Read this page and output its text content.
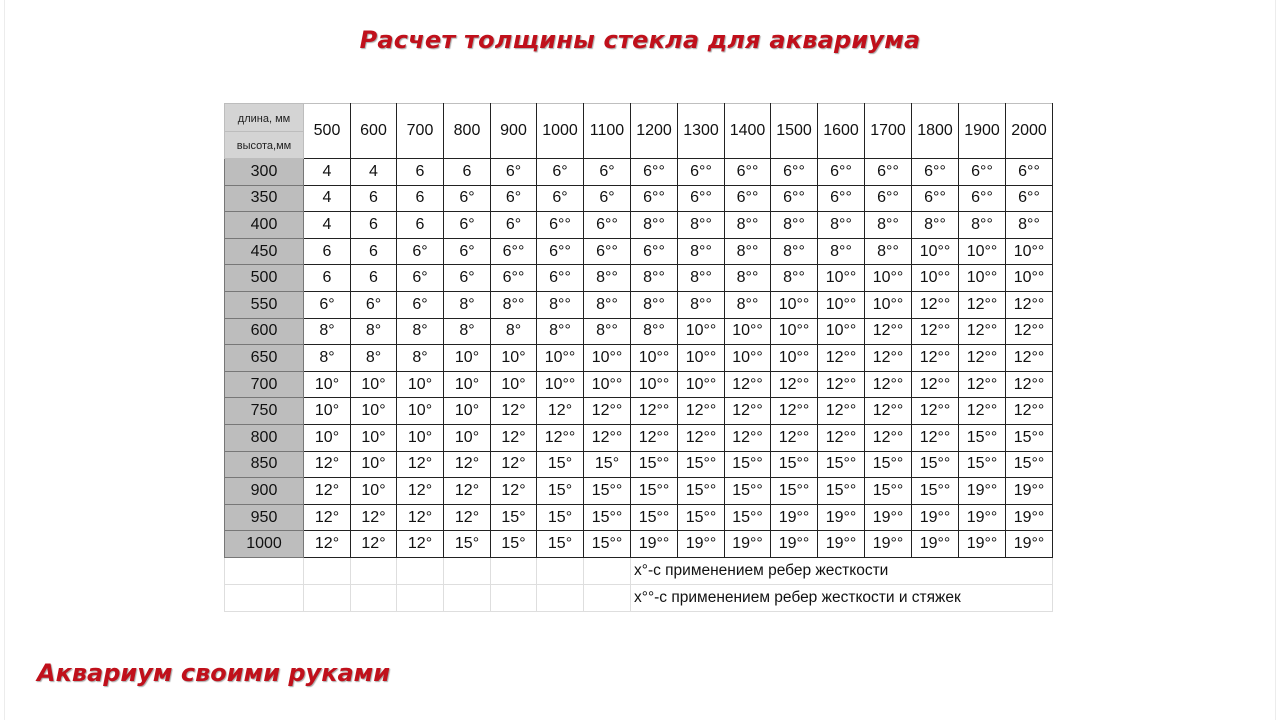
Расчет толщины стекла для аквариума
длина, мм
высота,мм	500	600	700	800	900	1000	1100	1200	1300	1400	1500	1600	1700	1800	1900	2000
300	4	4	6	6	6°	6°	6°	6°°	6°°	6°°	6°°	6°°	6°°	6°°	6°°	6°°
350	4	6	6	6°	6°	6°	6°	6°°	6°°	6°°	6°°	6°°	6°°	6°°	6°°	6°°
400	4	6	6	6°	6°	6°°	6°°	8°°	8°°	8°°	8°°	8°°	8°°	8°°	8°°	8°°
450	6	6	6°	6°	6°°	6°°	6°°	6°°	8°°	8°°	8°°	8°°	8°°	10°°	10°°	10°°
500	6	6	6°	6°	6°°	6°°	8°°	8°°	8°°	8°°	8°°	10°°	10°°	10°°	10°°	10°°
550	6°	6°	6°	8°	8°°	8°°	8°°	8°°	8°°	8°°	10°°	10°°	10°°	12°°	12°°	12°°
600	8°	8°	8°	8°	8°	8°°	8°°	8°°	10°°	10°°	10°°	10°°	12°°	12°°	12°°	12°°
650	8°	8°	8°	10°	10°	10°°	10°°	10°°	10°°	10°°	10°°	12°°	12°°	12°°	12°°	12°°
700	10°	10°	10°	10°	10°	10°°	10°°	10°°	10°°	12°°	12°°	12°°	12°°	12°°	12°°	12°°
750	10°	10°	10°	10°	12°	12°	12°°	12°°	12°°	12°°	12°°	12°°	12°°	12°°	12°°	12°°
800	10°	10°	10°	10°	12°	12°°	12°°	12°°	12°°	12°°	12°°	12°°	12°°	12°°	15°°	15°°
850	12°	10°	12°	12°	12°	15°	15°	15°°	15°°	15°°	15°°	15°°	15°°	15°°	15°°	15°°
900	12°	10°	12°	12°	12°	15°	15°°	15°°	15°°	15°°	15°°	15°°	15°°	15°°	19°°	19°°
950	12°	12°	12°	12°	15°	15°	15°°	15°°	15°°	15°°	19°°	19°°	19°°	19°°	19°°	19°°
1000	12°	12°	12°	15°	15°	15°	15°°	19°°	19°°	19°°	19°°	19°°	19°°	19°°	19°°	19°°
								x°-с применением ребер жесткости								
								x°°-с применением ребер жесткости и стяжек								
Аквариум своими руками
